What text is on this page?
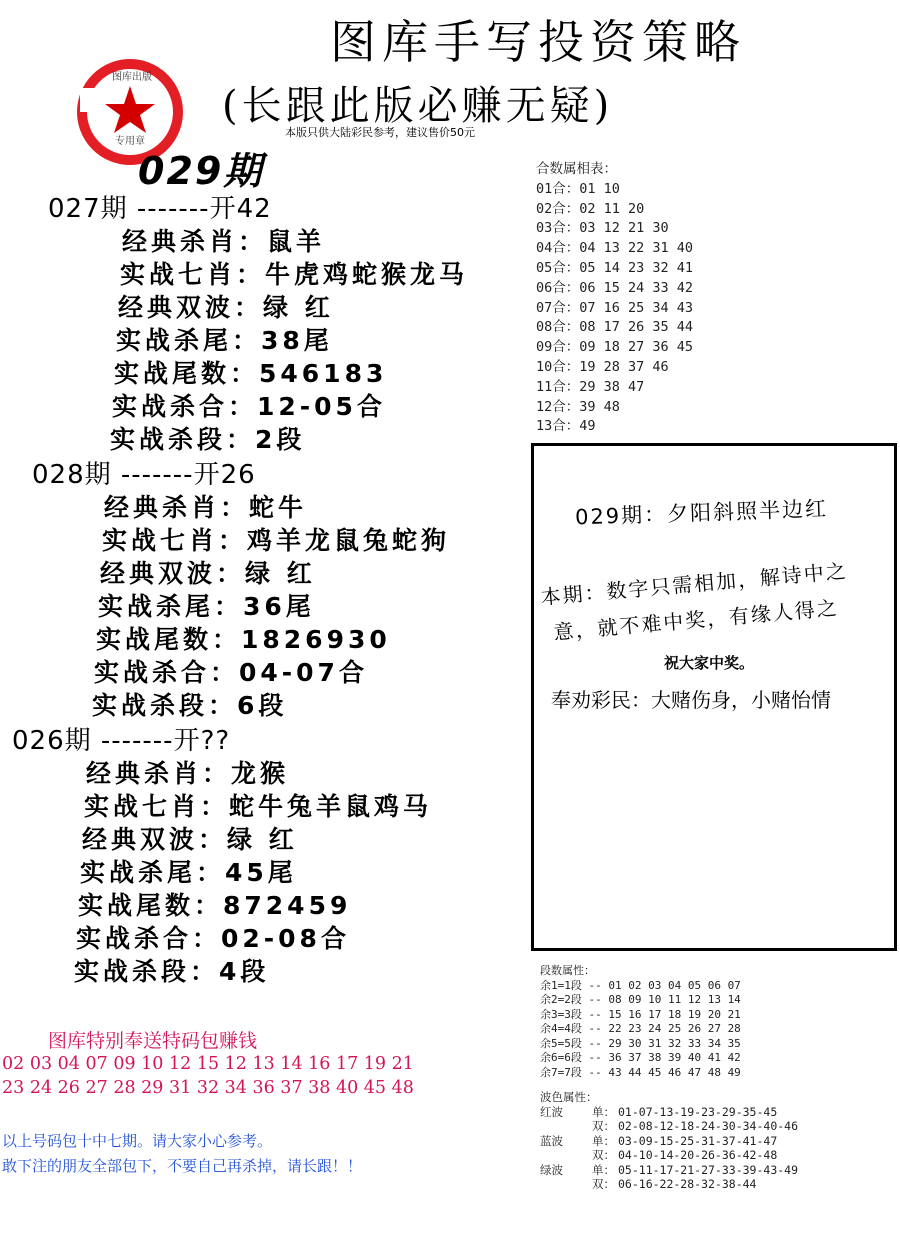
图库手写投资策略
(长跟此版必赚无疑)
本版只供大陆彩民参考，建议售价50元
图库出版
专用章
029期
027期 -------开42
经典杀肖：鼠羊
实战七肖：牛虎鸡蛇猴龙马
经典双波：绿 红
实战杀尾：38尾
实战尾数：546183
实战杀合：12-05合
实战杀段：2段
028期 -------开26
经典杀肖：蛇牛
实战七肖：鸡羊龙鼠兔蛇狗
经典双波：绿 红
实战杀尾：36尾
实战尾数：1826930
实战杀合：04-07合
实战杀段：6段
026期 -------开??
经典杀肖：龙猴
实战七肖：蛇牛兔羊鼠鸡马
经典双波：绿 红
实战杀尾：45尾
实战尾数：872459
实战杀合：02-08合
实战杀段：4段
合数属相表：
01合：01 10
02合：02 11 20
03合：03 12 21 30
04合：04 13 22 31 40
05合：05 14 23 32 41
06合：06 15 24 33 42
07合：07 16 25 34 43
08合：08 17 26 35 44
09合：09 18 27 36 45
10合：19 28 37 46
11合：29 38 47
12合：39 48
13合：49
029期：夕阳斜照半边红
本期：数字只需相加，解诗中之
意，就不难中奖，有缘人得之
祝大家中奖。
奉劝彩民：大赌伤身，小赌怡情
图库特别奉送特码包赚钱
02 03 04 07 09 10 12 15 12 13 14 16 17 19 21
23 24 26 27 28 29 31 32 34 36 37 38 40 45 48
以上号码包十中七期。请大家小心参考。
敢下注的朋友全部包下，不要自己再杀掉，请长跟！！
段数属性：
余1=1段 -- 01 02 03 04 05 06 07
余2=2段 -- 08 09 10 11 12 13 14
余3=3段 -- 15 16 17 18 19 20 21
余4=4段 -- 22 23 24 25 26 27 28
余5=5段 -- 29 30 31 32 33 34 35
余6=6段 -- 36 37 38 39 40 41 42
余7=7段 -- 43 44 45 46 47 48 49
波色属性：
红波	单： 01-07-13-19-23-29-35-45
双： 02-08-12-18-24-30-34-40-46
蓝波	单： 03-09-15-25-31-37-41-47
双： 04-10-14-20-26-36-42-48
绿波	单： 05-11-17-21-27-33-39-43-49
双： 06-16-22-28-32-38-44
